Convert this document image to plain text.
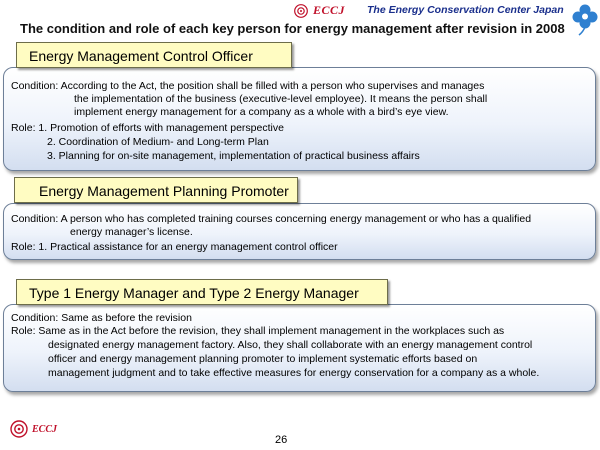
ECCJ The Energy Conservation Center Japan
The condition and role of each key person for energy management after revision in 2008
Energy Management Control Officer
Condition: According to the Act, the position shall be filled with a person who supervises and manages
the implementation of the business (executive-level employee). It means the person shall
implement energy management for a company as a whole with a bird’s eye view.
Role: 1. Promotion of efforts with management perspective
2. Coordination of Medium- and Long-term Plan
3. Planning for on-site management, implementation of practical business affairs
Energy Management Planning Promoter
Condition: A person who has completed training courses concerning energy management or who has a qualified
energy manager’s license.
Role: 1. Practical assistance for an energy management control officer
Type 1 Energy Manager and Type 2 Energy Manager
Condition: Same as before the revision
Role: Same as in the Act before the revision, they shall implement management in the workplaces such as
designated energy management factory. Also, they shall collaborate with an energy management control
officer and energy management planning promoter to implement systematic efforts based on
management judgment and to take effective measures for energy conservation for a company as a whole.
ECCJ
26
